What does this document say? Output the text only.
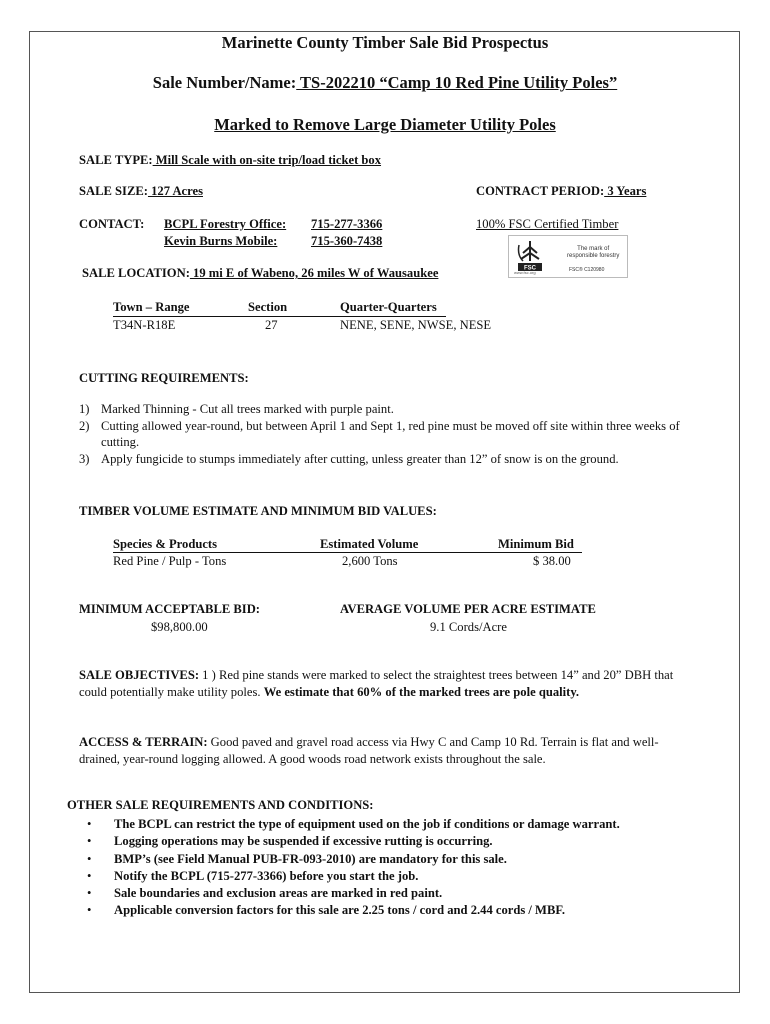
Marinette County Timber Sale Bid Prospectus
Sale Number/Name: TS-202210 “Camp 10 Red Pine Utility Poles”
Marked to Remove Large Diameter Utility Poles
SALE TYPE: Mill Scale with on-site trip/load ticket box
SALE SIZE: 127 Acres	CONTRACT PERIOD: 3 Years
CONTACT: BCPL Forestry Office: 715-277-3366
Kevin Burns Mobile:	715-360-7438
100% FSC Certified Timber
FSC
www.fsc.org
The mark of
responsible forestry
FSC® C120980
SALE LOCATION: 19 mi E of Wabeno, 26 miles W of Wausaukee
Town – Range	Section	Quarter-Quarters
T34N-R18E	27	NENE, SENE, NWSE, NESE
CUTTING REQUIREMENTS:
1) Marked Thinning - Cut all trees marked with purple paint.
2) Cutting allowed year-round, but between April 1 and Sept 1, red pine must be moved off site within three weeks of cutting.
3) Apply fungicide to stumps immediately after cutting, unless greater than 12” of snow is on the ground.
TIMBER VOLUME ESTIMATE AND MINIMUM BID VALUES:
Species & Products	Estimated Volume	Minimum Bid
Red Pine / Pulp - Tons	2,600 Tons	$ 38.00
MINIMUM ACCEPTABLE BID:
$98,800.00
AVERAGE VOLUME PER ACRE ESTIMATE
9.1 Cords/Acre
SALE OBJECTIVES: 1 ) Red pine stands were marked to select the straightest trees between 14” and 20” DBH that could potentially make utility poles. We estimate that 60% of the marked trees are pole quality.
ACCESS & TERRAIN: Good paved and gravel road access via Hwy C and Camp 10 Rd. Terrain is flat and well-drained, year-round logging allowed. A good woods road network exists throughout the sale.
OTHER SALE REQUIREMENTS AND CONDITIONS:
• The BCPL can restrict the type of equipment used on the job if conditions or damage warrant.
• Logging operations may be suspended if excessive rutting is occurring.
• BMP’s (see Field Manual PUB-FR-093-2010) are mandatory for this sale.
• Notify the BCPL (715-277-3366) before you start the job.
• Sale boundaries and exclusion areas are marked in red paint.
• Applicable conversion factors for this sale are 2.25 tons / cord and 2.44 cords / MBF.
